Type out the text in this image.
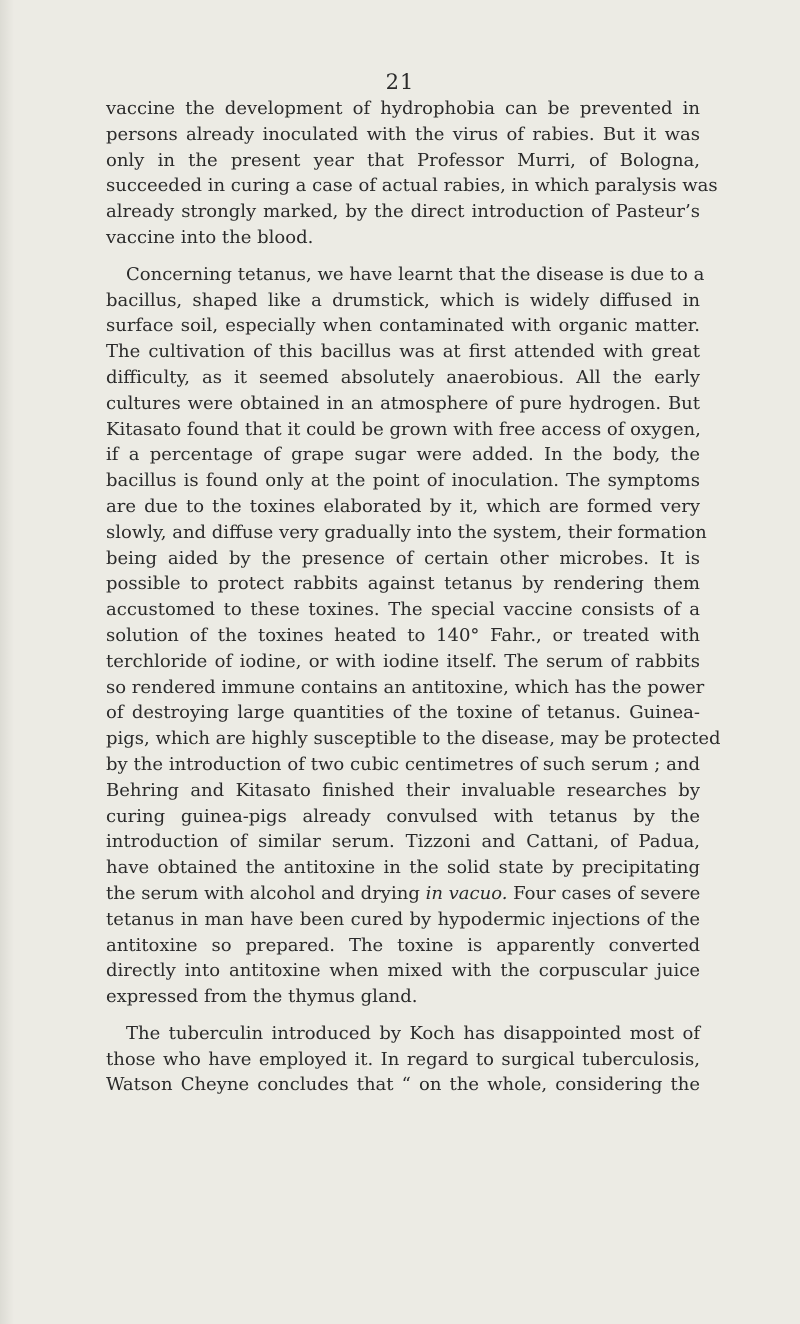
21
vaccine the development of hydrophobia can be prevented in
persons already inoculated with the virus of rabies. But it was
only in the present year that Professor Murri, of Bologna,
succeeded in curing a case of actual rabies, in which paralysis was
already strongly marked, by the direct introduction of Pasteur’s
vaccine into the blood.
Concerning tetanus, we have learnt that the disease is due to a
bacillus, shaped like a drumstick, which is widely diffused in
surface soil, especially when contaminated with organic matter.
The cultivation of this bacillus was at first attended with great
difficulty, as it seemed absolutely anaerobious. All the early
cultures were obtained in an atmosphere of pure hydrogen. But
Kitasato found that it could be grown with free access of oxygen,
if a percentage of grape sugar were added. In the body, the
bacillus is found only at the point of inoculation. The symptoms
are due to the toxines elaborated by it, which are formed very
slowly, and diffuse very gradually into the system, their formation
being aided by the presence of certain other microbes. It is
possible to protect rabbits against tetanus by rendering them
accustomed to these toxines. The special vaccine consists of a
solution of the toxines heated to 140° Fahr., or treated with
terchloride of iodine, or with iodine itself. The serum of rabbits
so rendered immune contains an antitoxine, which has the power
of destroying large quantities of the toxine of tetanus. Guinea-
pigs, which are highly susceptible to the disease, may be protected
by the introduction of two cubic centimetres of such serum ; and
Behring and Kitasato finished their invaluable researches by
curing guinea-pigs already convulsed with tetanus by the
introduction of similar serum. Tizzoni and Cattani, of Padua,
have obtained the antitoxine in the solid state by precipitating
the serum with alcohol and drying in vacuo. Four cases of severe
tetanus in man have been cured by hypodermic injections of the
antitoxine so prepared. The toxine is apparently converted
directly into antitoxine when mixed with the corpuscular juice
expressed from the thymus gland.
The tuberculin introduced by Koch has disappointed most of
those who have employed it. In regard to surgical tuberculosis,
Watson Cheyne concludes that “ on the whole, considering the
